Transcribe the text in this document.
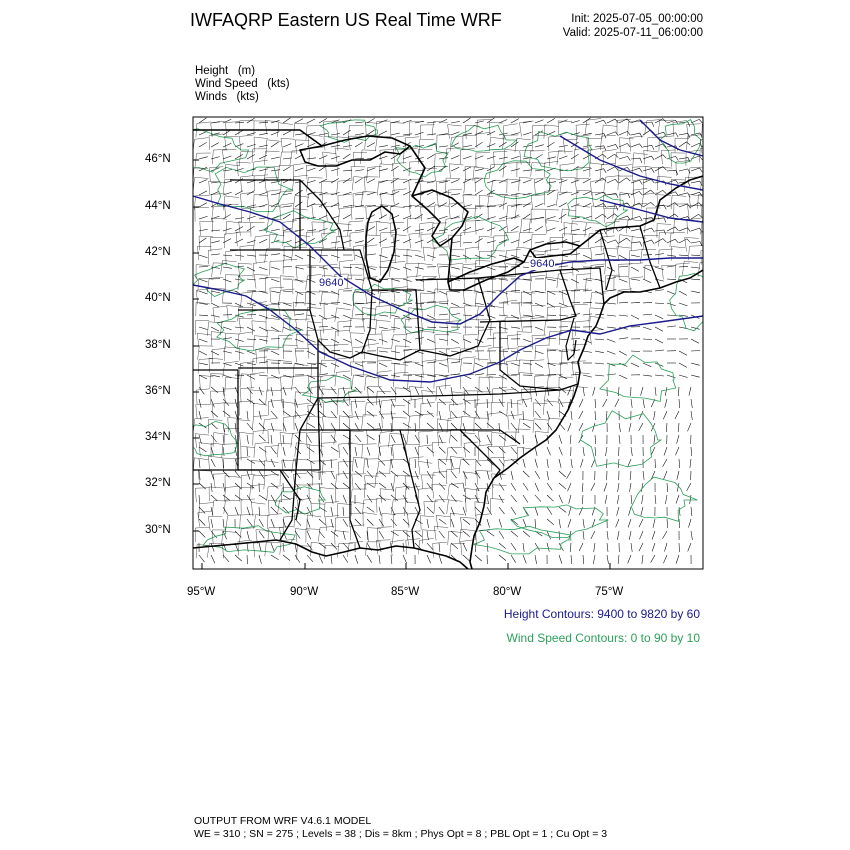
IWFAQRP Eastern US Real Time WRF	Init: 2025-07-05_00:00:00
Valid: 2025-07-11_06:00:00
Height   (m)
Wind Speed   (kts)
Winds   (kts)
46°N
44°N
42°N
40°N
38°N
36°N
34°N
32°N
30°N
95°W	90°W	85°W	80°W	75°W
9640
9640
Height Contours: 9400 to 9820 by 60
Wind Speed Contours: 0 to 90 by 10
OUTPUT FROM WRF V4.6.1 MODEL
WE = 310 ; SN = 275 ; Levels = 38 ; Dis = 8km ; Phys Opt = 8 ; PBL Opt = 1 ; Cu Opt = 3
